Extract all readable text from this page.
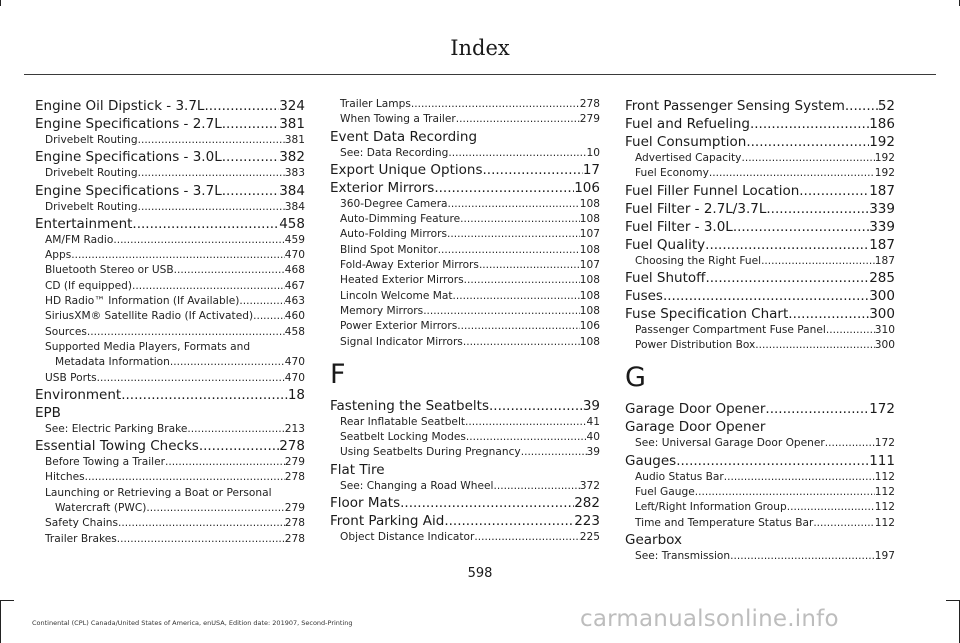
Index
Engine Oil Dipstick - 3.7L .....	324
Engine Specifications - 2.7L .....	381
Drivebelt Routing .....	381
Engine Specifications - 3.0L .....	382
Drivebelt Routing .....	383
Engine Specifications - 3.7L .....	384
Drivebelt Routing .....	384
Entertainment .....	458
AM/FM Radio .....	459
Apps .....	470
Bluetooth Stereo or USB .....	468
CD (If equipped) .....	467
HD Radio™ Information (If Available) .....	463
SiriusXM® Satellite Radio (If Activated) .....	460
Sources .....	458
Supported Media Players, Formats and
Metadata Information .....	470
USB Ports .....	470
Environment .....	18
EPB
See: Electric Parking Brake .....	213
Essential Towing Checks .....	278
Before Towing a Trailer .....	279
Hitches .....	278
Launching or Retrieving a Boat or Personal
Watercraft (PWC) .....	279
Safety Chains .....	278
Trailer Brakes .....	278
Trailer Lamps .....	278
When Towing a Trailer .....	279
Event Data Recording
See: Data Recording .....	10
Export Unique Options .....	17
Exterior Mirrors .....	106
360-Degree Camera .....	108
Auto-Dimming Feature .....	108
Auto-Folding Mirrors .....	107
Blind Spot Monitor .....	108
Fold-Away Exterior Mirrors .....	107
Heated Exterior Mirrors .....	108
Lincoln Welcome Mat .....	108
Memory Mirrors .....	108
Power Exterior Mirrors .....	106
Signal Indicator Mirrors .....	108
F
Fastening the Seatbelts .....	39
Rear Inflatable Seatbelt .....	41
Seatbelt Locking Modes .....	40
Using Seatbelts During Pregnancy .....	39
Flat Tire
See: Changing a Road Wheel .....	372
Floor Mats .....	282
Front Parking Aid .....	223
Object Distance Indicator .....	225
Front Passenger Sensing System ..... 52
Fuel and Refueling .....	186
Fuel Consumption .....	192
Advertised Capacity .....	192
Fuel Economy .....	192
Fuel Filler Funnel Location .....	187
Fuel Filter - 2.7L/3.7L .....	339
Fuel Filter - 3.0L .....	339
Fuel Quality .....	187
Choosing the Right Fuel .....	187
Fuel Shutoff .....	285
Fuses .....	300
Fuse Specification Chart .....	300
Passenger Compartment Fuse Panel .....	310
Power Distribution Box .....	300
G
Garage Door Opener .....	172
Garage Door Opener
See: Universal Garage Door Opener .....	172
Gauges .....	111
Audio Status Bar .....	112
Fuel Gauge .....	112
Left/Right Information Group .....	112
Time and Temperature Status Bar .....	112
Gearbox
See: Transmission .....	197
598
Continental (CPL) Canada/United States of America, enUSA, Edition date: 201907, Second-Printing	carmanualsonline.info
